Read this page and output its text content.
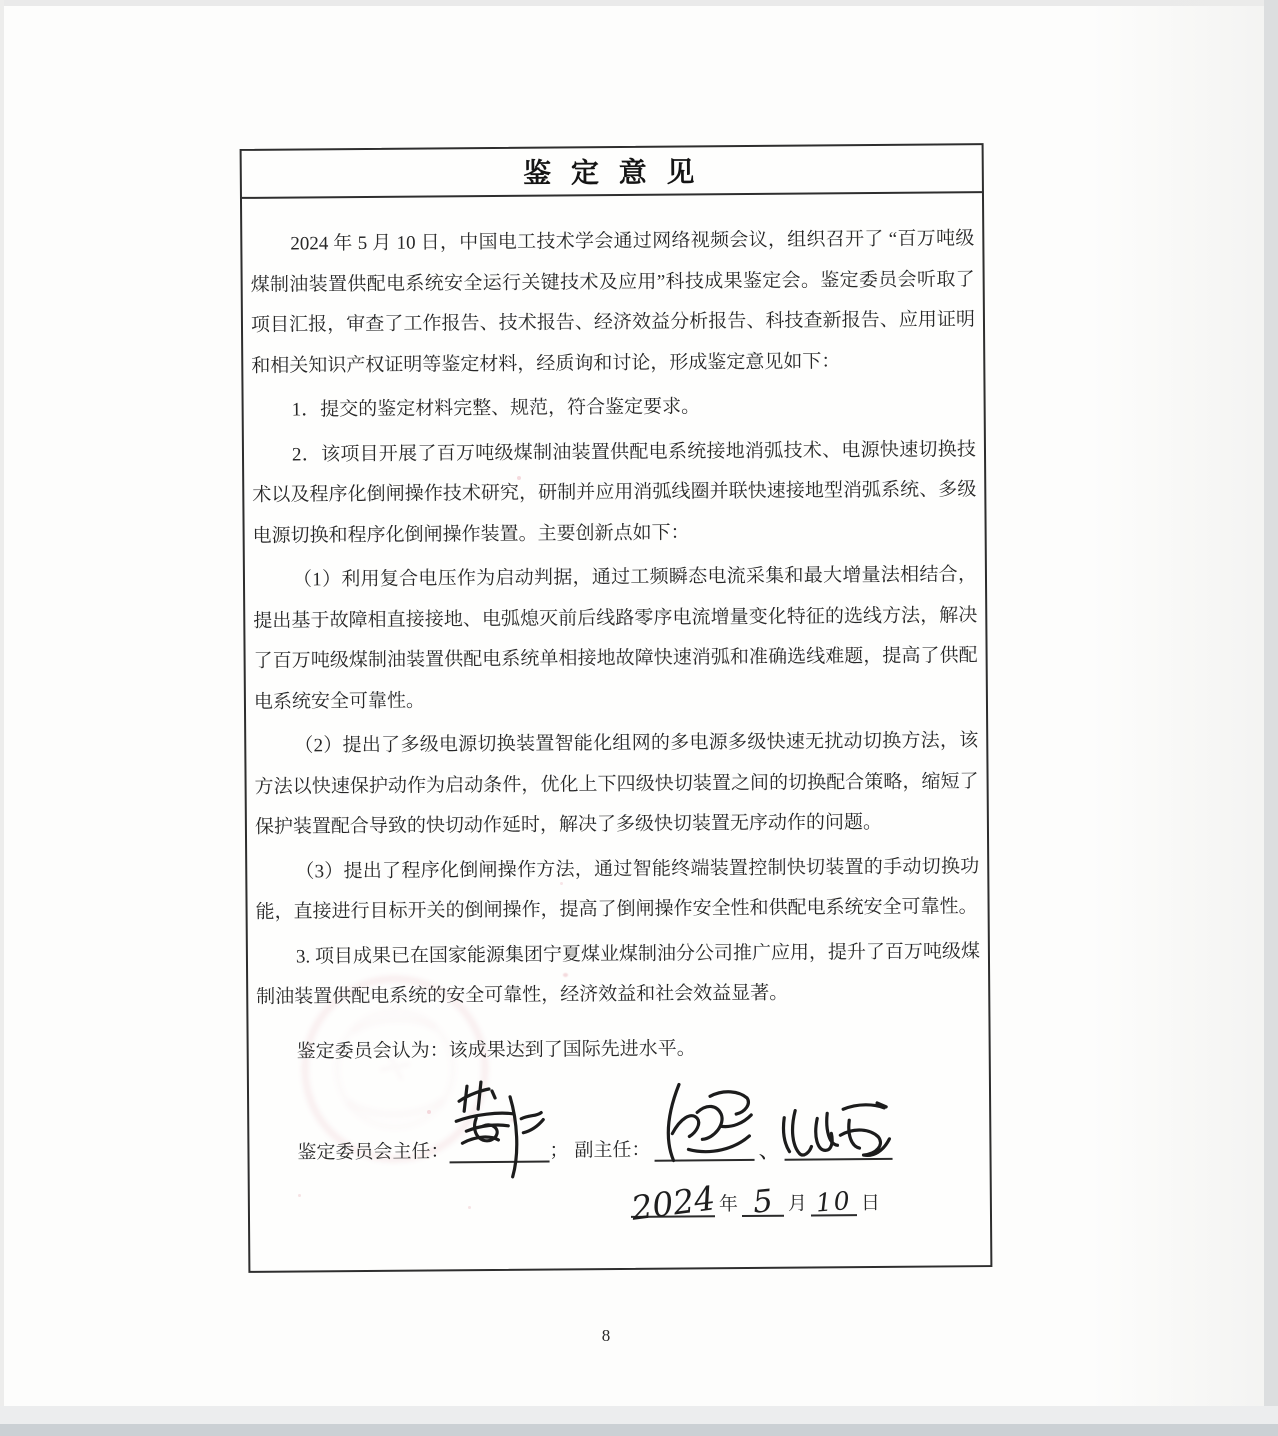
鉴 定 意 见

2024 年 5 月 10 日，中国电工技术学会通过网络视频会议，组织召开了 “百万吨级煤制油装置供配电系统安全运行关键技术及应用”科技成果鉴定会。鉴定委员会听取了项目汇报，审查了工作报告、技术报告、经济效益分析报告、科技查新报告、应用证明和相关知识产权证明等鉴定材料，经质询和讨论，形成鉴定意见如下：

1．提交的鉴定材料完整、规范，符合鉴定要求。

2．该项目开展了百万吨级煤制油装置供配电系统接地消弧技术、电源快速切换技术以及程序化倒闸操作技术研究，研制并应用消弧线圈并联快速接地型消弧系统、多级电源切换和程序化倒闸操作装置。主要创新点如下：

（1）利用复合电压作为启动判据，通过工频瞬态电流采集和最大增量法相结合，提出基于故障相直接接地、电弧熄灭前后线路零序电流增量变化特征的选线方法，解决了百万吨级煤制油装置供配电系统单相接地故障快速消弧和准确选线难题，提高了供配电系统安全可靠性。

（2）提出了多级电源切换装置智能化组网的多电源多级快速无扰动切换方法，该方法以快速保护动作为启动条件，优化上下四级快切装置之间的切换配合策略，缩短了保护装置配合导致的快切动作延时，解决了多级快切装置无序动作的问题。

（3）提出了程序化倒闸操作方法，通过智能终端装置控制快切装置的手动切换功能，直接进行目标开关的倒闸操作，提高了倒闸操作安全性和供配电系统安全可靠性。

3. 项目成果已在国家能源集团宁夏煤业煤制油分公司推广应用，提升了百万吨级煤制油装置供配电系统的安全可靠性，经济效益和社会效益显著。

鉴定委员会认为：该成果达到了国际先进水平。

鉴定委员会主任：	； 副主任：	、
2024 年 5 月 10 日
8
